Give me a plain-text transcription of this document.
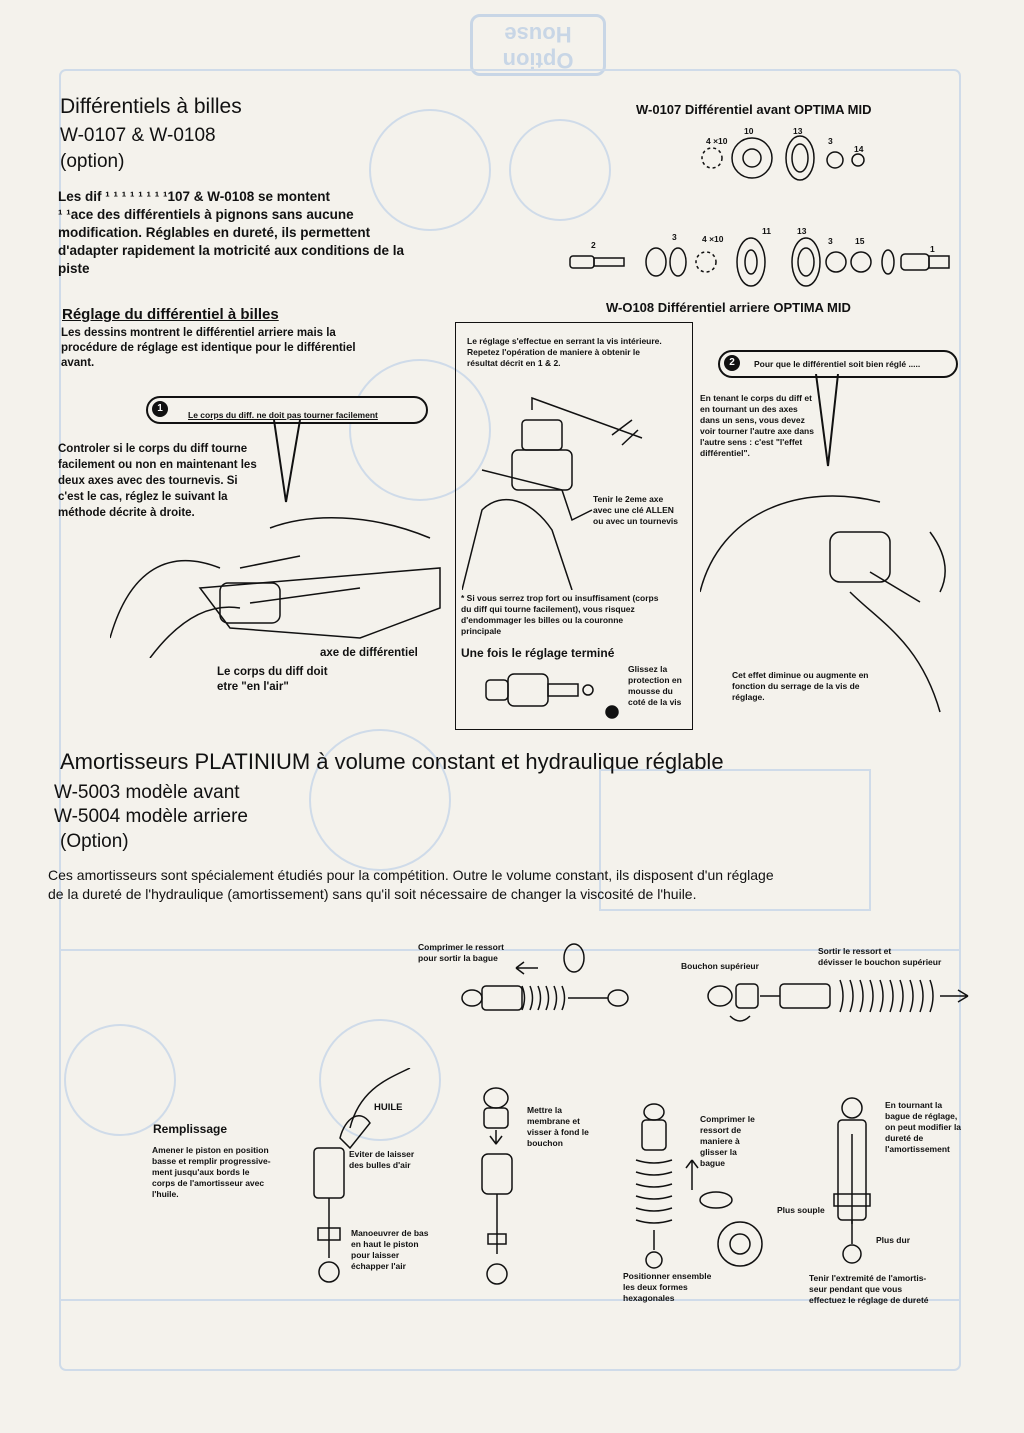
Option
House
Différentiels à billes
W-0107 & W-0108
(option)
Les dif ¹ ¹ ¹ ¹ ¹ ¹ ¹ ¹107 & W-0108 se montent
¹ ¹ace des différentiels à pignons sans aucune
modification. Réglables en dureté, ils permettent
d'adapter rapidement la motricité aux conditions de la
piste
W-0107 Différentiel avant OPTIMA MID
4 ×10
10	13
3
14
2
3	4 ×10
11	13
3	15
1
W-O108 Différentiel arriere OPTIMA MID
Réglage du différentiel à billes
Les dessins montrent le différentiel arriere mais la
procédure de réglage est identique pour le différentiel
avant.
1
Le corps du diff. ne doit pas tourner facilement
Controler si le corps du diff tourne
facilement ou non en maintenant les
deux axes avec des tournevis. Si
c'est le cas, réglez le suivant la
méthode décrite à droite.
axe de différentiel
Le corps du diff doit
etre "en l'air"
Le réglage s'effectue en serrant la vis intérieure.
Repetez l'opération de maniere à obtenir le
résultat décrit en 1 & 2.
Tenir le 2eme axe
avec une clé ALLEN
ou avec un tournevis
* Si vous serrez trop fort ou insuffisament (corps
du diff qui tourne facilement), vous risquez
d'endommager les billes ou la couronne
principale
Une fois le réglage terminé
Glissez la
protection en
mousse du
coté de la vis
2	Pour que le différentiel soit bien réglé .....
En tenant le corps du diff et
en tournant un des axes
dans un sens, vous devez
voir tourner l'autre axe dans
l'autre sens : c'est "l'effet
différentiel".
Cet effet diminue ou augmente en
fonction du serrage de la vis de
réglage.
Amortisseurs PLATINIUM à volume constant et hydraulique réglable
W-5003 modèle avant
W-5004 modèle arriere
(Option)
Ces amortisseurs sont spécialement étudiés pour la compétition. Outre le volume constant, ils disposent d'un réglage
de la dureté de l'hydraulique (amortissement) sans qu'il soit nécessaire de changer la viscosité de l'huile.
Comprimer le ressort
pour sortir la bague
Bouchon supérieur
Sortir le ressort et
dévisser le bouchon supérieur
Remplissage
Amener le piston en position
basse et remplir progressive-
ment jusqu'aux bords le
corps de l'amortisseur avec
l'huile.
HUILE
Eviter de laisser
des bulles d'air
Manoeuvrer de bas
en haut le piston
pour laisser
échapper l'air
Mettre la
membrane et
visser à fond le
bouchon
Comprimer le
ressort de
maniere à
glisser la
bague
Positionner ensemble
les deux formes
hexagonales
En tournant la
bague de réglage,
on peut modifier la
dureté de
l'amortissement
Plus souple
Plus dur
Tenir l'extremité de l'amortis-
seur pendant que vous
effectuez le réglage de dureté
